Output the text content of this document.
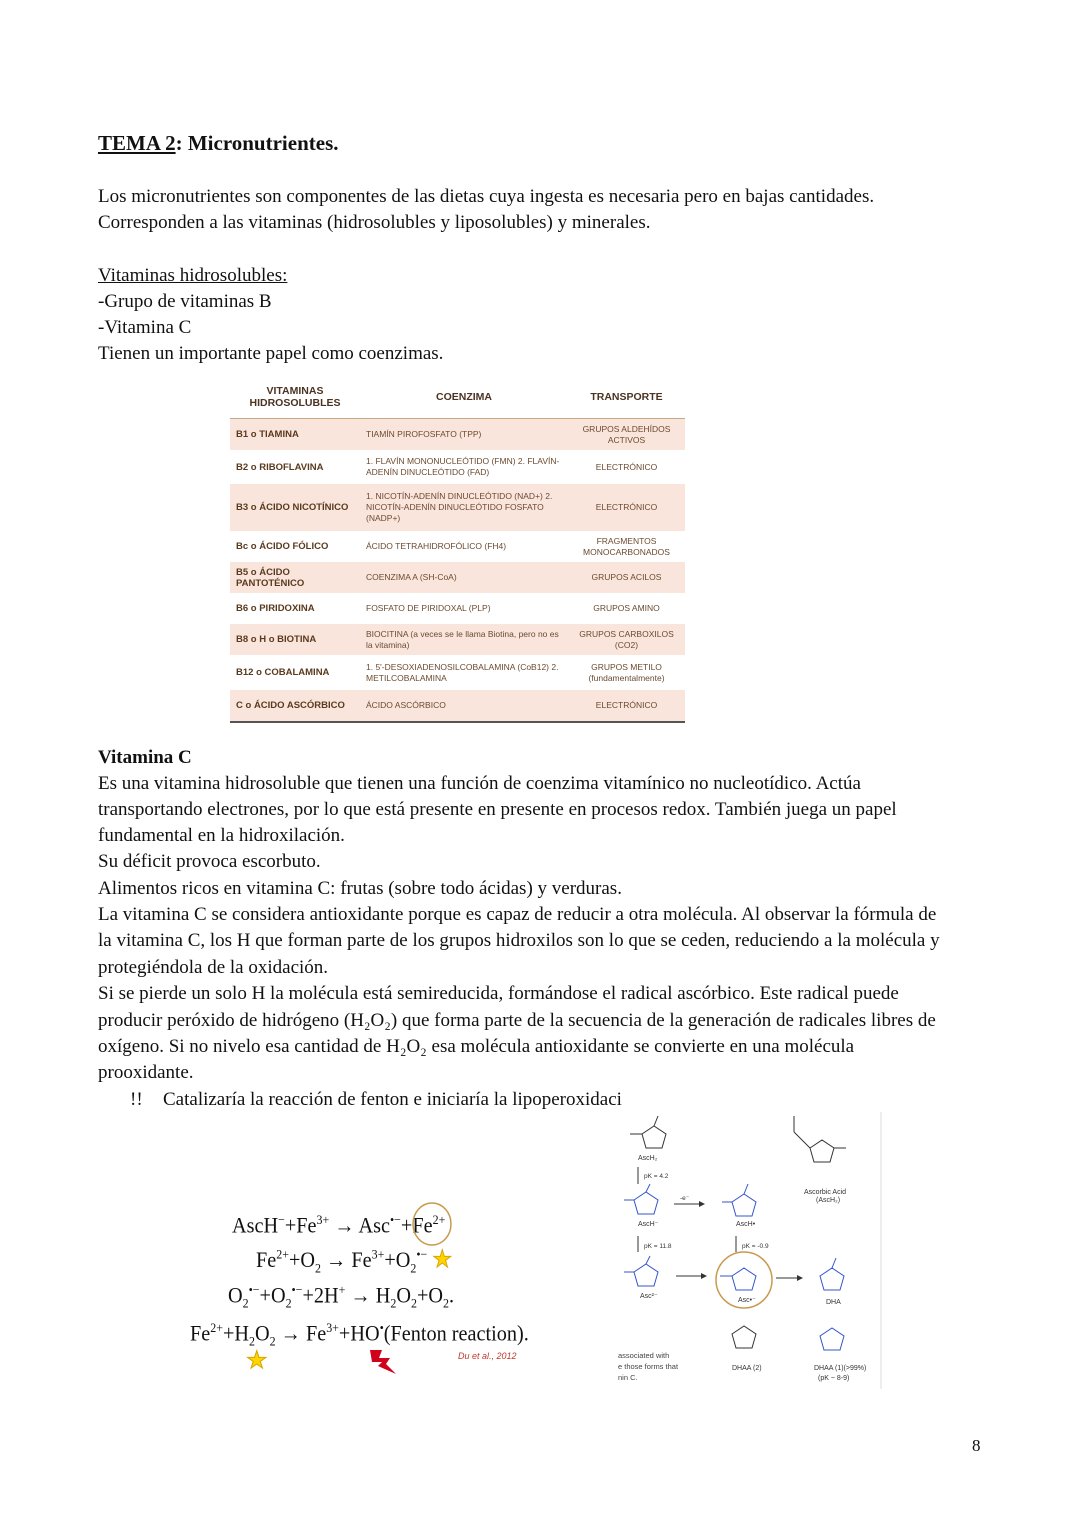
TEMA 2: Micronutrientes.

Los micronutrientes son componentes de las dietas cuya ingesta es necesaria pero en bajas cantidades.

Corresponden a las vitaminas (hidrosolubles y liposolubles) y minerales.

Vitaminas hidrosolubles:

-Grupo de vitaminas B

-Vitamina C

Tienen un importante papel como coenzimas.

VITAMINAS HIDROSOLUBLES	COENZIMA	TRANSPORTE
B1 o TIAMINA	TIAMÍN PIROFOSFATO (TPP)	GRUPOS ALDEHÍDOS ACTIVOS
B2 o RIBOFLAVINA	1. FLAVÍN MONONUCLEÓTIDO (FMN) 2. FLAVÍN-ADENÍN DINUCLEÓTIDO (FAD)	ELECTRÓNICO
B3 o ÁCIDO NICOTÍNICO	1. NICOTÍN-ADENÍN DINUCLEÓTIDO (NAD+) 2. NICOTÍN-ADENÍN DINUCLEÓTIDO FOSFATO (NADP+)	ELECTRÓNICO
Bc o ÁCIDO FÓLICO	ÁCIDO TETRAHIDROFÓLICO (FH4)	FRAGMENTOS MONOCARBONADOS
B5 o ÁCIDO PANTOTÉNICO	COENZIMA A (SH-CoA)	GRUPOS ACILOS
B6 o PIRIDOXINA	FOSFATO DE PIRIDOXAL (PLP)	GRUPOS AMINO
B8 o H o BIOTINA	BIOCITINA (a veces se le llama Biotina, pero no es la vitamina)	GRUPOS CARBOXILOS (CO2)
B12 o COBALAMINA	1. 5'-DESOXIADENOSILCOBALAMINA (CoB12) 2. METILCOBALAMINA	GRUPOS METILO (fundamentalmente)
C o ÁCIDO ASCÓRBICO	ÁCIDO ASCÓRBICO	ELECTRÓNICO

Vitamina C

Es una vitamina hidrosoluble que tienen una función de coenzima vitamínico no nucleotídico. Actúa

transportando electrones, por lo que está presente en presente en procesos redox. También juega un papel

fundamental en la hidroxilación.

Su déficit provoca escorbuto.

Alimentos ricos en vitamina C: frutas (sobre todo ácidas) y verduras.

La vitamina C se considera antioxidante porque es capaz de reducir a otra molécula. Al observar la fórmula de

la vitamina C, los H que forman parte de los grupos hidroxilos son lo que se ceden, reduciendo a la molécula y

protegiéndola de la oxidación.

Si se pierde un solo H la molécula está semireducida, formándose el radical ascórbico. Este radical puede

producir peróxido de hidrógeno (H₂O₂) que forma parte de la secuencia de la generación de radicales libres de

oxígeno. Si no nivelo esa cantidad de H₂O₂ esa molécula antioxidante se convierte en una molécula

prooxidante.

!! Catalizaría la reacción de fenton e iniciaría la lipoperoxidaci

$AscH^-+Fe^{3+} \to Asc^{•-}+Fe^{2+}$
$Fe^{2+}+O_2 \to Fe^{3+}+O_2^{•-}$ ★
$O_2^{•-}+O_2^{•-}+2H^+ \to H_2O_2+O_2$.
$Fe^{2+}+H_2O_2$ → $Fe^{3+}+HO^•(Fenton$ reaction).
★	Du et al., 2012
AscH₂
pK = 4.2
AscH⁻
-e⁻
pK = 11.8
Asc²⁻
AscH•
pK = -0.9
Asc•⁻	DHA
Ascorbic Acid
(AscH₂)
DHAA (2)	DHAA (1)(>99%)
(pK ~ 8-9)
associated with
e those forms that
nin C.
8
